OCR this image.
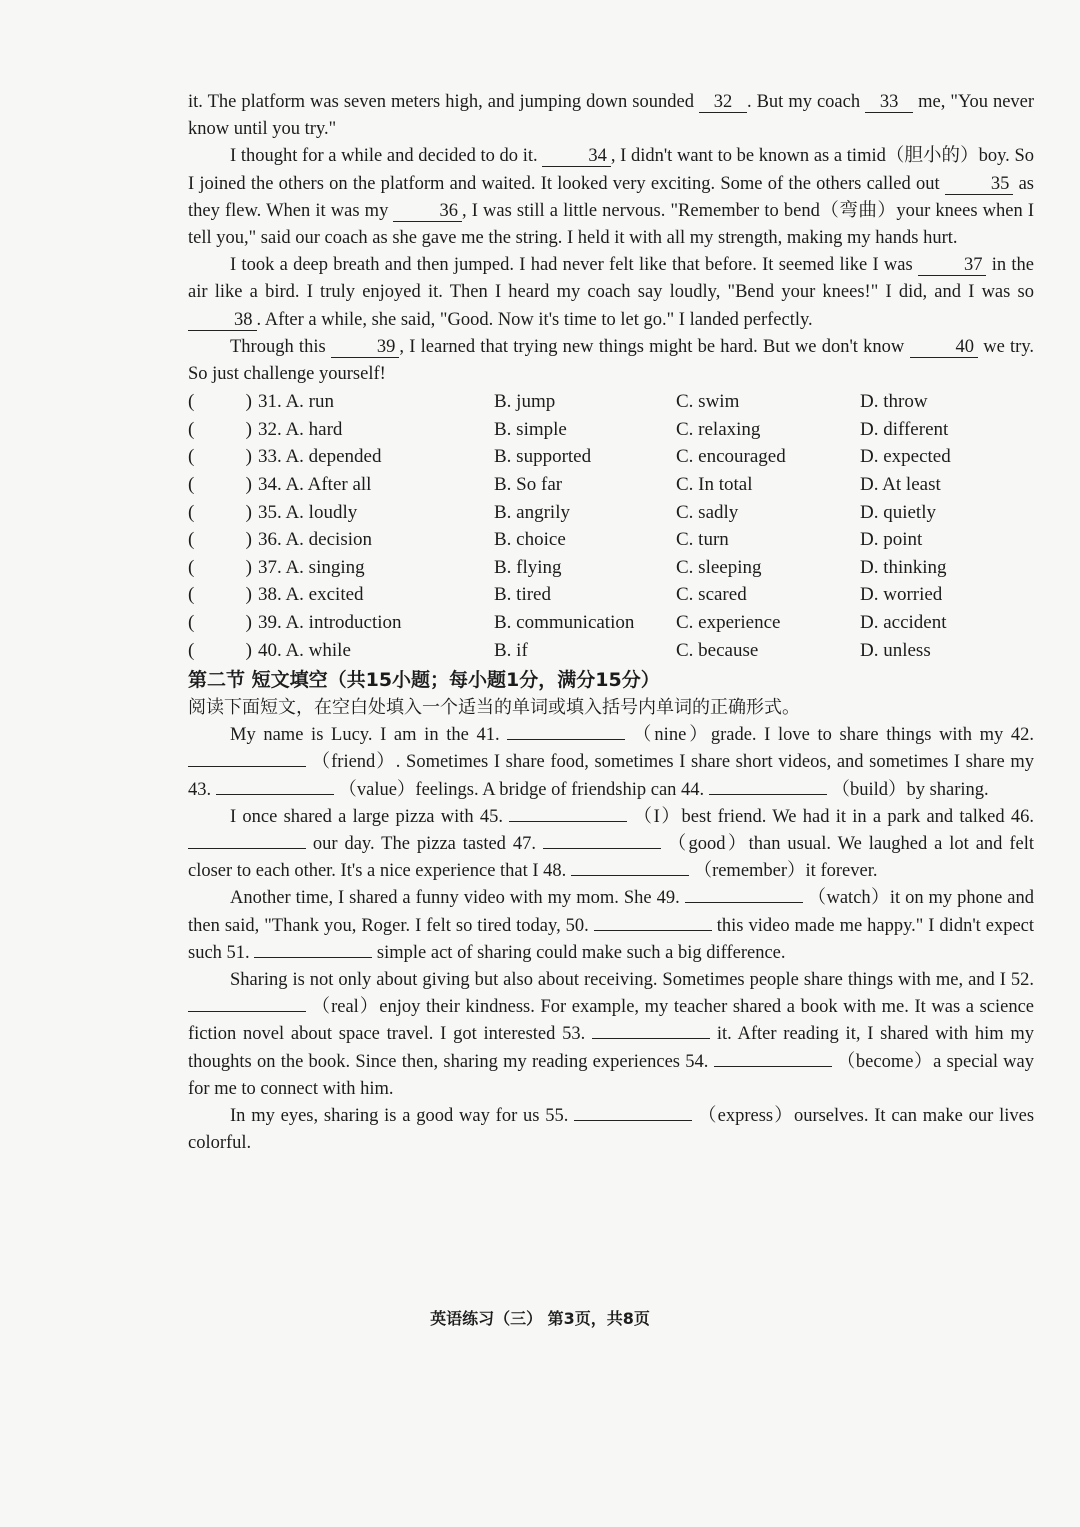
it. The platform was seven meters high, and jumping down sounded 32 . But my coach 33 me, "You never know until you try."

I thought for a while and decided to do it.	34 , I didn't want to be known as a timid（胆小的）boy. So I joined the others on the platform and waited. It looked very exciting. Some of the others called out	35 as they flew. When it was my	36 , I was still a little nervous. "Remember to bend（弯曲）your knees when I tell you," said our coach as she gave me the string. I held it with all my strength, making my hands hurt.

I took a deep breath and then jumped. I had never felt like that before. It seemed like I was	37 in the air like a bird. I truly enjoyed it. Then I heard my coach say loudly, "Bend your knees!" I did, and I was so 38 . After a while, she said, "Good. Now it's time to let go." I landed perfectly.

Through this	39 , I learned that trying new things might be hard. But we don't know	40 we try. So just challenge yourself!

(	) 31. A. run	B. jump	C. swim	D. throw
(	) 32. A. hard	B. simple	C. relaxing	D. different
(	) 33. A. depended	B. supported	C. encouraged	D. expected
(	) 34. A. After all	B. So far	C. In total	D. At least
(	) 35. A. loudly	B. angrily	C. sadly	D. quietly
(	) 36. A. decision	B. choice	C. turn	D. point
(	) 37. A. singing	B. flying	C. sleeping	D. thinking
(	) 38. A. excited	B. tired	C. scared	D. worried
(	) 39. A. introduction	B. communication	C. experience	D. accident
(	) 40. A. while	B. if	C. because	D. unless
第二节 短文填空（共15小题；每小题1分，满分15分）
阅读下面短文，在空白处填入一个适当的单词或填入括号内单词的正确形式。

My name is Lucy. I am in the 41.	（nine）grade. I love to share things with my 42.  （friend）. Sometimes I share food, sometimes I share short videos, and sometimes I share my 43.	（value）feelings. A bridge of friendship can 44.	（build）by sharing.

I once shared a large pizza with 45.	（I）best friend. We had it in a park and talked 46.  our day. The pizza tasted 47.	（good）than usual. We laughed a lot and felt closer to each other. It's a nice experience that I 48.	（remember）it forever.

Another time, I shared a funny video with my mom. She 49.	（watch）it on my phone and then said, "Thank you, Roger. I felt so tired today, 50.	this video made me happy." I didn't expect such 51.	simple act of sharing could make such a big difference.

Sharing is not only about giving but also about receiving. Sometimes people share things with me, and I 52.  （real）enjoy their kindness. For example, my teacher shared a book with me. It was a science fiction novel about space travel. I got interested 53.	it. After reading it, I shared with him my thoughts on the book. Since then, sharing my reading experiences 54.	（become）a special way for me to connect with him.

In my eyes, sharing is a good way for us 55.	（express）ourselves. It can make our lives colorful.

英语练习（三） 第3页，共8页
